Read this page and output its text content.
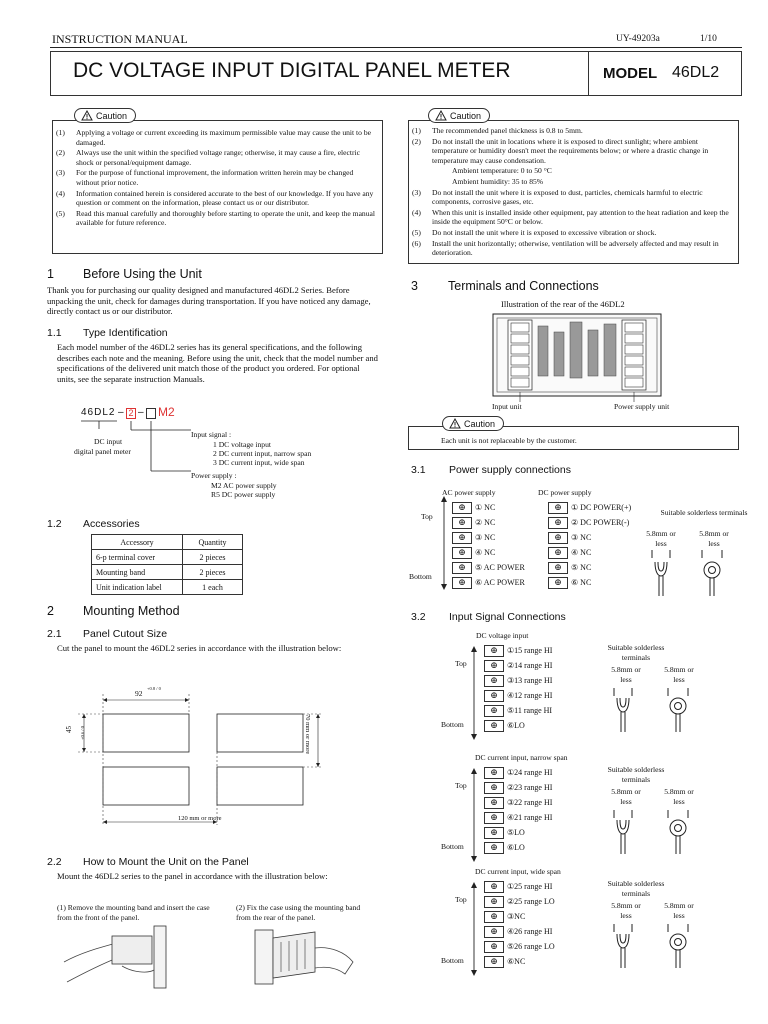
INSTRUCTION MANUAL	UY-49203a	1/10
DC VOLTAGE INPUT DIGITAL PANEL METER	MODEL 46DL2
(1)	Applying a voltage or current exceeding its maximum permissible value may cause the unit to be damaged.
(2)	Always use the unit within the specified voltage range; otherwise, it may cause a fire, electric shock or personal/equipment damage.
(3)	For the purpose of functional improvement, the information written herein may be changed without prior notice.
(4)	Information contained herein is considered accurate to the best of our knowledge. If you have any question or comment on the information, please contact us or our distributor.
(5)	Read this manual carefully and thoroughly before starting to operate the unit, and keep the manual available for future reference.
Caution
(1)	The recommended panel thickness is 0.8 to 5mm.
(2)	Do not install the unit in locations where it is exposed to direct sunlight; where ambient temperature or humidity doesn't meet the requirements below; or where a drastic change in temperature may cause condensation.
Ambient temperature: 0 to 50 °C
Ambient humidity: 35 to 85%
(3)	Do not install the unit where it is exposed to dust, particles, chemicals harmful to electric components, corrosive gases, etc.
(4)	When this unit is installed inside other equipment, pay attention to the heat radiation and keep the inside the equipment 50°C or below.
(5)	Do not install the unit where it is exposed to excessive vibration or shock.
(6)	Install the unit horizontally; otherwise, ventilation will be adversely affected and may result in deterioration.
Caution
1 Before Using the Unit
Thank you for purchasing our quality designed and manufactured 46DL2 Series. Before unpacking the unit, check for damages during transportation. If you have noticed any damage, directly contact us or our distributor.
1.1 Type Identification
Each model number of the 46DL2 series has its general specifications, and the following describes each note and the meaning. Before using the unit, check that the model number and specifications of the delivered unit match those of the product you ordered. For optional units, see the separate instruction Manuals.
46DL2 – 2 – M2
DC input
digital panel meter
Input signal :
1 DC voltage input
2 DC current input, narrow span
3 DC current input, wide span
Power supply :
M2 AC power supply
R5 DC power supply
1.2 Accessories
Accessory	Quantity
6-p terminal cover	2 pieces
Mounting band	2 pieces
Unit indication label	1 each
2 Mounting Method
2.1 Panel Cutout Size
Cut the panel to mount the 46DL2 series in accordance with the illustration below:
92
+0.8 / 0
45 +0.6 / 0	70 mm or more
120 mm or more
2.2 How to Mount the Unit on the Panel
Mount the 46DL2 series to the panel in accordance with the illustration below:
(1) Remove the mounting band and insert the case from the front of the panel.
(2) Fix the case using the mounting band from the rear of the panel.
3 Terminals and Connections
Illustration of the rear of the 46DL2
Input unit	Power supply unit
Each unit is not replaceable by the customer.
Caution
3.1 Power supply connections
AC power supply	DC power supply
Top
Bottom
⊕	① NC
⊕	② NC
⊕	③ NC
⊕	④ NC
⊕	⑤ AC POWER
⊕	⑥ AC POWER
⊕	① DC POWER(+)
⊕	② DC POWER(-)
⊕	③ NC
⊕	④ NC
⊕	⑤ NC
⊕	⑥ NC
Suitable solderless terminals
5.8mm or less
5.8mm or less
3.2 Input Signal Connections
DC voltage input
Top
Bottom
⊕	①15 range HI
⊕	②14 range HI
⊕	③13 range HI
⊕	④12 range HI
⊕	⑤11 range HI
⊕	⑥LO
Suitable solderless terminals
5.8mm or less
5.8mm or less
DC current input, narrow span
Top
Bottom
⊕	①24 range HI
⊕	②23 range HI
⊕	③22 range HI
⊕	④21 range HI
⊕	⑤LO
⊕	⑥LO
Suitable solderless terminals
5.8mm or less
5.8mm or less
DC current input, wide span
Top
Bottom
⊕	①25 range HI
⊕	②25 range LO
⊕	③NC
⊕	④26 range HI
⊕	⑤26 range LO
⊕	⑥NC
Suitable solderless terminals
5.8mm or less
5.8mm or less
